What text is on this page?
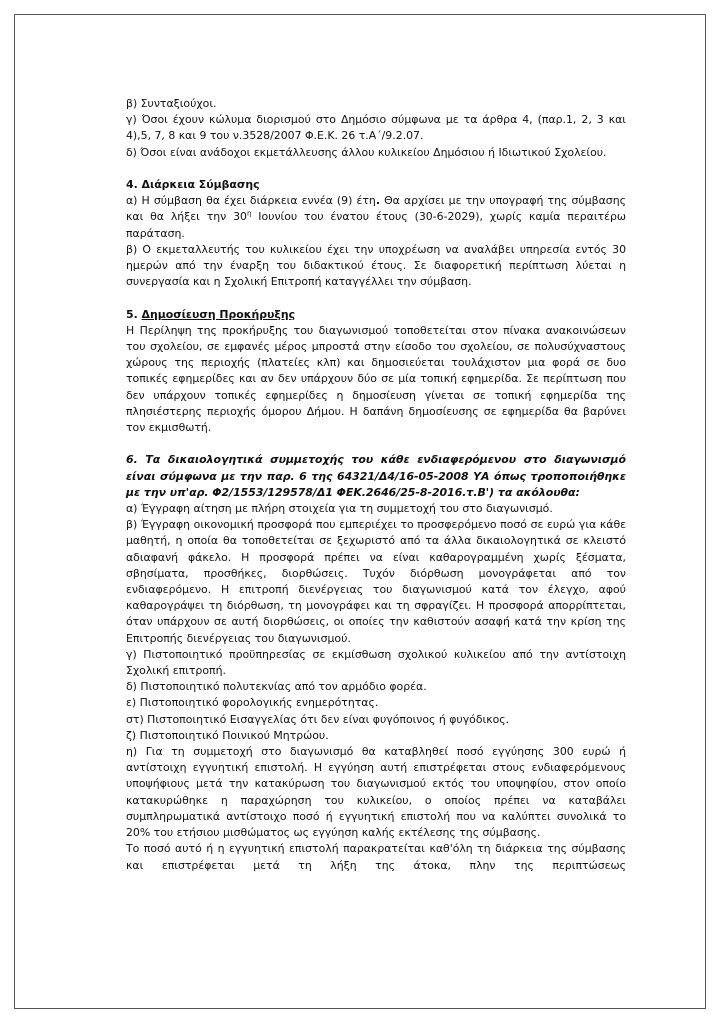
β) Συνταξιούχοι.

γ) Όσοι έχουν κώλυμα διορισμού στο Δημόσιο σύμφωνα με τα άρθρα 4, (παρ.1, 2, 3 και 4),5, 7, 8 και 9 του ν.3528/2007 Φ.Ε.Κ. 26 τ.Α΄/9.2.07.

δ) Όσοι είναι ανάδοχοι εκμετάλλευσης άλλου κυλικείου Δημόσιου ή Ιδιωτικού Σχολείου.

4. Διάρκεια Σύμβασης

α) Η σύμβαση θα έχει διάρκεια εννέα (9) έτη. Θα αρχίσει με την υπογραφή της σύμβασης και θα λήξει την $30^\eta$ Ιουνίου του ένατου έτους (30-6-2029), χωρίς καμία περαιτέρω παράταση.

β) Ο εκμεταλλευτής του κυλικείου έχει την υποχρέωση να αναλάβει υπηρεσία εντός 30 ημερών από την έναρξη του διδακτικού έτους. Σε διαφορετική περίπτωση λύεται η συνεργασία και η Σχολική Επιτροπή καταγγέλλει την σύμβαση.

5. Δημοσίευση Προκήρυξης

Η Περίληψη της προκήρυξης του διαγωνισμού τοποθετείται στον πίνακα ανακοινώσεων του σχολείου, σε εμφανές μέρος μπροστά στην είσοδο του σχολείου, σε πολυσύχναστους χώρους της περιοχής (πλατείες κλπ) και δημοσιεύεται τουλάχιστον μια φορά σε δυο τοπικές εφημερίδες και αν δεν υπάρχουν δύο σε μία τοπική εφημερίδα. Σε περίπτωση που δεν υπάρχουν τοπικές εφημερίδες η δημοσίευση γίνεται σε τοπική εφημερίδα της πλησιέστερης περιοχής όμορου Δήμου. Η δαπάνη δημοσίευσης σε εφημερίδα θα βαρύνει τον εκμισθωτή.

6. Τα δικαιολογητικά συμμετοχής του κάθε ενδιαφερόμενου στο διαγωνισμό είναι σύμφωνα με την παρ. 6 της 64321/Δ4/16-05-2008 ΥΑ όπως τροποποιήθηκε με την υπ'αρ. Φ2/1553/129578/Δ1 ΦΕΚ.2646/25-8-2016.τ.Β') τα ακόλουθα:

α) Έγγραφη αίτηση με πλήρη στοιχεία για τη συμμετοχή του στο διαγωνισμό.

β) Έγγραφη οικονομική προσφορά που εμπεριέχει το προσφερόμενο ποσό σε ευρώ για κάθε μαθητή, η οποία θα τοποθετείται σε ξεχωριστό από τα άλλα δικαιολογητικά σε κλειστό αδιαφανή φάκελο. Η προσφορά πρέπει να είναι καθαρογραμμένη χωρίς ξέσματα, σβησίματα, προσθήκες, διορθώσεις. Τυχόν διόρθωση μονογράφεται από τον ενδιαφερόμενο. Η επιτροπή διενέργειας του διαγωνισμού κατά τον έλεγχο, αφού καθαρογράψει τη διόρθωση, τη μονογράφει και τη σφραγίζει. Η προσφορά απορρίπτεται, όταν υπάρχουν σε αυτή διορθώσεις, οι οποίες την καθιστούν ασαφή κατά την κρίση της Επιτροπής διενέργειας του διαγωνισμού.

γ) Πιστοποιητικό προϋπηρεσίας σε εκμίσθωση σχολικού κυλικείου από την αντίστοιχη Σχολική επιτροπή.

δ) Πιστοποιητικό πολυτεκνίας από τον αρμόδιο φορέα.

ε) Πιστοποιητικό φορολογικής ενημερότητας.

στ) Πιστοποιητικό Εισαγγελίας ότι δεν είναι φυγόποινος ή φυγόδικος.

ζ) Πιστοποιητικό Ποινικού Μητρώου.

η) Για τη συμμετοχή στο διαγωνισμό θα καταβληθεί ποσό εγγύησης 300 ευρώ ή αντίστοιχη εγγυητική επιστολή. Η εγγύηση αυτή επιστρέφεται στους ενδιαφερόμενους υποψήφιους μετά την κατακύρωση του διαγωνισμού εκτός του υποψηφίου, στον οποίο κατακυρώθηκε η παραχώρηση του κυλικείου, ο οποίος πρέπει να καταβάλει συμπληρωματικά αντίστοιχο ποσό ή εγγυητική επιστολή που να καλύπτει συνολικά το 20% του ετήσιου μισθώματος ως εγγύηση καλής εκτέλεσης της σύμβασης.

Το ποσό αυτό ή η εγγυητική επιστολή παρακρατείται καθ'όλη τη διάρκεια της σύμβασης και επιστρέφεται μετά τη λήξη της άτοκα, πλην της περιπτώσεως
